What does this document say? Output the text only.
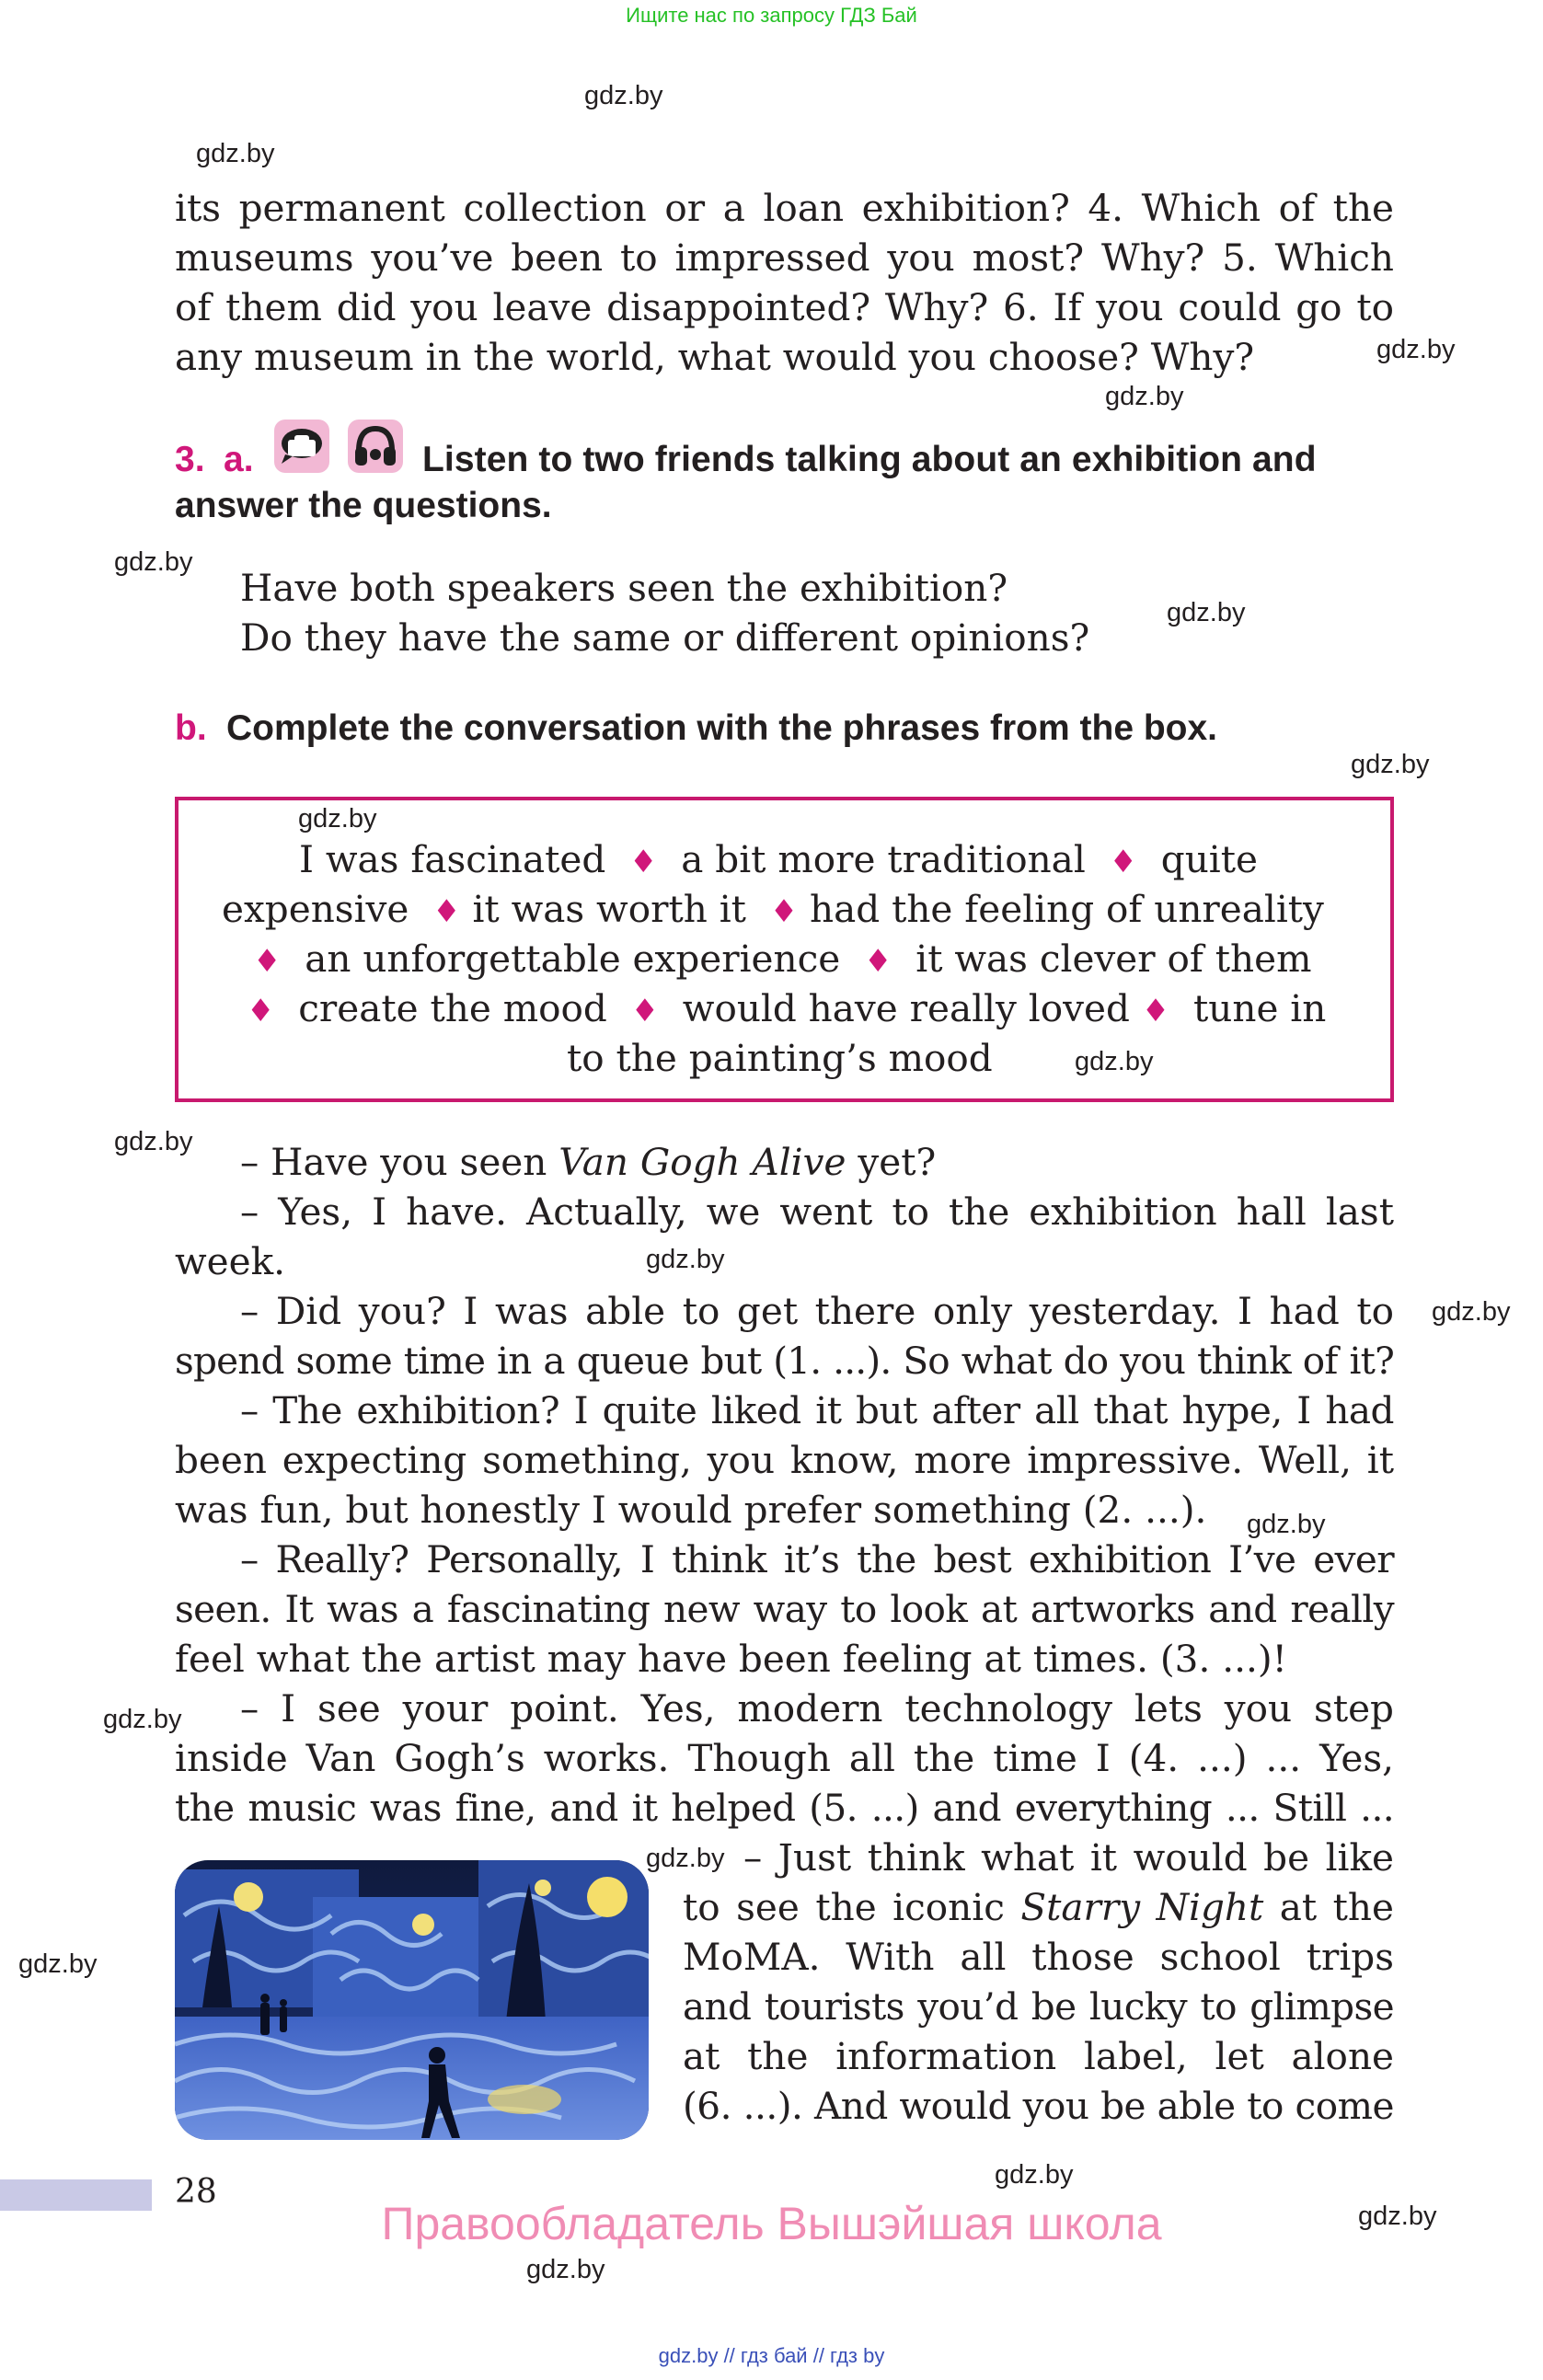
Ищите нас по запросу ГДЗ Бай
gdz.by
gdz.by
gdz.by
gdz.by
gdz.by
gdz.by
gdz.by
gdz.by
gdz.by
gdz.by
gdz.by
gdz.by
gdz.by
gdz.by
gdz.by
gdz.by
gdz.by
gdz.by
gdz.by
its permanent collection or a loan exhibition? 4. Which of the
museums you’ve been to impressed you most? Why? 5. Which
of them did you leave disappointed? Why? 6. If you could go to
any museum in the world, what would you choose? Why?
3. a.	Listen to two friends talking about an exhibition and
answer the questions.
Have both speakers seen the exhibition?
Do they have the same or different opinions?
b. Complete the conversation with the phrases from the box.
I was fascinated ♦ a bit more traditional ♦ quite
expensive ♦ it was worth it ♦ had the feeling of unreality
♦ an unforgettable experience ♦ it was clever of them
♦ create the mood ♦ would have really loved ♦ tune in
to the painting’s mood
– Have you seen Van Gogh Alive yet?
– Yes, I have. Actually, we went to the exhibition hall last
week.
– Did you? I was able to get there only yesterday. I had to
spend some time in a queue but (1. ...). So what do you think of it?
– The exhibition? I quite liked it but after all that hype, I had
been expecting something, you know, more impressive. Well, it
was fun, but honestly I would prefer something (2. ...).
– Really? Personally, I think it’s the best exhibition I’ve ever
seen. It was a fascinating new way to look at artworks and really
feel what the artist may have been feeling at times. (3. ...)!
– I see your point. Yes, modern technology lets you step
inside Van Gogh’s works. Though all the time I (4. ...) ... Yes,
the music was fine, and it helped (5. ...) and everything ... Still ...
– Just think what it would be like
to see the iconic Starry Night at the
MoMA. With all those school trips
and tourists you’d be lucky to glimpse
at the information label, let alone
(6. ...). And would you be able to come
28
Правообладатель Вышэйшая школа
gdz.by // гдз бай // гдз by
